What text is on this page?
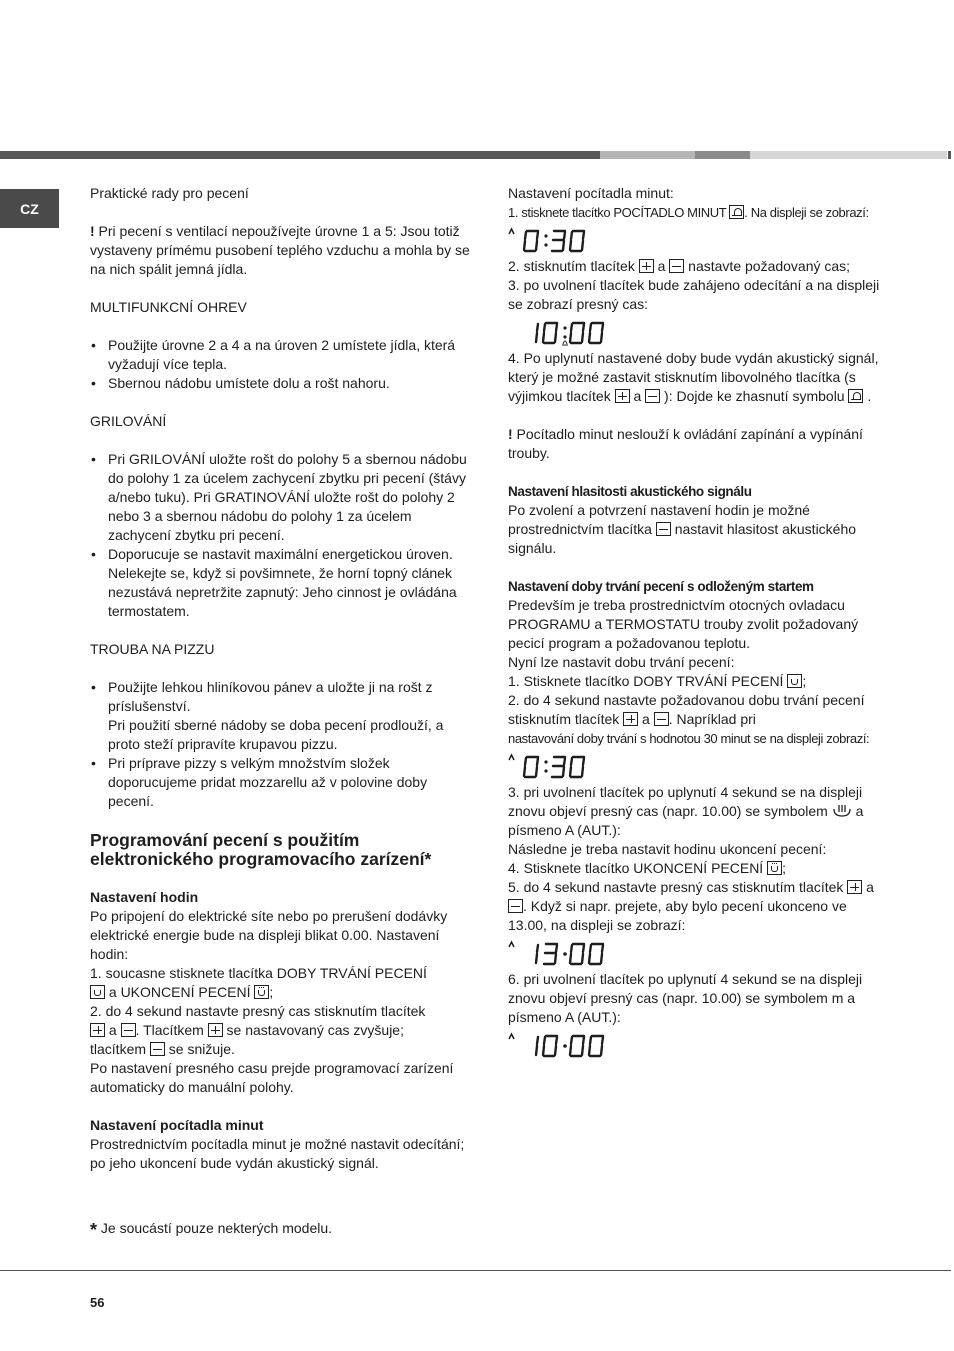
CZ

Praktické rady pro pecení

! Pri pecení s ventilací nepoužívejte úrovne 1 a 5: Jsou totiž vystaveny prímému pusobení teplého vzduchu a mohla by se na nich spálit jemná jídla.

MULTIFUNKCNÍ OHREV

• Použijte úrovne 2 a 4 a na úroven 2 umístete jídla, která vyžadují více tepla.

• Sbernou nádobu umístete dolu a rošt nahoru.

GRILOVÁNÍ

• Pri GRILOVÁNÍ uložte rošt do polohy 5 a sbernou nádobu do polohy 1 za úcelem zachycení zbytku pri pecení (štávy a/nebo tuku). Pri GRATINOVÁNÍ uložte rošt do polohy 2 nebo 3 a sbernou nádobu do polohy 1 za úcelem zachycení zbytku pri pecení.

• Doporucuje se nastavit maximální energetickou úroven. Nelekejte se, když si povšimnete, že horní topný clánek nezustává nepretržite zapnutý: Jeho cinnost je ovládána termostatem.

TROUBA NA PIZZU

• Použijte lehkou hliníkovou pánev a uložte ji na rošt z príslušenství.

Pri použití sberné nádoby se doba pecení prodlouží, a proto steží pripravíte krupavou pizzu.

• Pri príprave pizzy s velkým množstvím složek doporucujeme pridat mozzarellu až v polovine doby pecení.

Programování pecení s použitím
elektronického programovacího zarízení*

Nastavení hodin

Po pripojení do elektrické síte nebo po prerušení dodávky elektrické energie bude na displeji blikat 0.00. Nastavení hodin:

1. soucasne stisknete tlacítka DOBY TRVÁNÍ PECENÍ
a UKONCENÍ PECENÍ ;

2. do 4 sekund nastavte presný cas stisknutím tlacítek
a . Tlacítkem  se nastavovaný cas zvyšuje;
tlacítkem  se snižuje.

Po nastavení presného casu prejde programovací zarízení automaticky do manuální polohy.

Nastavení pocítadla minut

Prostrednictvím pocítadla minut je možné nastavit odecítání; po jeho ukoncení bude vydán akustický signál.

* Je soucástí pouze nekterých modelu.

Nastavení pocítadla minut:

1. stisknete tlacítko POCÍTADLO MINUT . Na displeji se zobrazí:

2. stisknutím tlacítek  a  nastavte požadovaný cas;

3. po uvolnení tlacítek bude zahájeno odecítání a na displeji se zobrazí presný cas:

4. Po uplynutí nastavené doby bude vydán akustický signál, který je možné zastavit stisknutím libovolného tlacítka (s výjimkou tlacítek  a  ): Dojde ke zhasnutí symbolu  .

! Pocítadlo minut neslouží k ovládání zapínání a vypínání trouby.

Nastavení hlasitosti akustického signálu

Po zvolení a potvrzení nastavení hodin je možné prostrednictvím tlacítka  nastavit hlasitost akustického signálu.

Nastavení doby trvání pecení s odloženým startem

Predevším je treba prostrednictvím otocných ovladacu PROGRAMU a TERMOSTATU trouby zvolit požadovaný pecicí program a požadovanou teplotu.

Nyní lze nastavit dobu trvání pecení:

1. Stisknete tlacítko DOBY TRVÁNÍ PECENÍ ;

2. do 4 sekund nastavte požadovanou dobu trvání pecení stisknutím tlacítek  a . Napríklad pri
nastavování doby trvání s hodnotou 30 minut se na displeji zobrazí:

3. pri uvolnení tlacítek po uplynutí 4 sekund se na displeji znovu objeví presný cas (napr. 10.00) se symbolem  a písmeno A (AUT.):
Následne je treba nastavit hodinu ukoncení pecení:

4. Stisknete tlacítko UKONCENÍ PECENÍ ;

5. do 4 sekund nastavte presný cas stisknutím tlacítek  a . Když si napr. prejete, aby bylo pecení ukonceno ve 13.00, na displeji se zobrazí:

6. pri uvolnení tlacítek po uplynutí 4 sekund se na displeji znovu objeví presný cas (napr. 10.00) se symbolem m a písmeno A (AUT.):

56
